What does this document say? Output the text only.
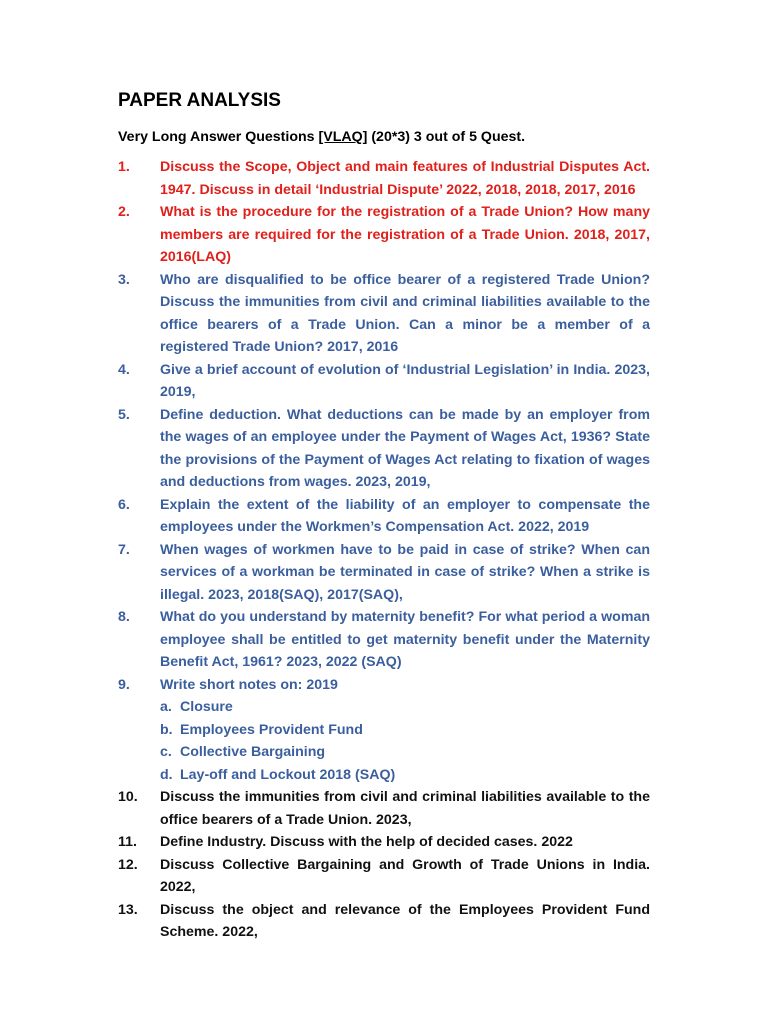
PAPER ANALYSIS
Very Long Answer Questions [VLAQ] (20*3) 3 out of 5 Quest.
1.	Discuss the Scope, Object and main features of Industrial Disputes Act. 1947. Discuss in detail ‘Industrial Dispute’ 2022, 2018, 2018, 2017, 2016
2.	What is the procedure for the registration of a Trade Union? How many members are required for the registration of a Trade Union. 2018, 2017, 2016(LAQ)
3.	Who are disqualified to be office bearer of a registered Trade Union? Discuss the immunities from civil and criminal liabilities available to the office bearers of a Trade Union. Can a minor be a member of a registered Trade Union? 2017, 2016
4.	Give a brief account of evolution of ‘Industrial Legislation’ in India. 2023, 2019,
5.	Define deduction. What deductions can be made by an employer from the wages of an employee under the Payment of Wages Act, 1936? State the provisions of the Payment of Wages Act relating to fixation of wages and deductions from wages. 2023, 2019,
6.	Explain the extent of the liability of an employer to compensate the employees under the Workmen’s Compensation Act. 2022, 2019
7.	When wages of workmen have to be paid in case of strike? When can services of a workman be terminated in case of strike? When a strike is illegal. 2023, 2018(SAQ), 2017(SAQ),
8.	What do you understand by maternity benefit? For what period a woman employee shall be entitled to get maternity benefit under the Maternity Benefit Act, 1961? 2023, 2022 (SAQ)
9.	Write short notes on: 2019
a. Closure
b. Employees Provident Fund
c. Collective Bargaining
d. Lay-off and Lockout 2018 (SAQ)
10.	Discuss the immunities from civil and criminal liabilities available to the office bearers of a Trade Union. 2023,
11.	Define Industry. Discuss with the help of decided cases. 2022
12.	Discuss Collective Bargaining and Growth of Trade Unions in India. 2022,
13.	Discuss the object and relevance of the Employees Provident Fund Scheme. 2022,
